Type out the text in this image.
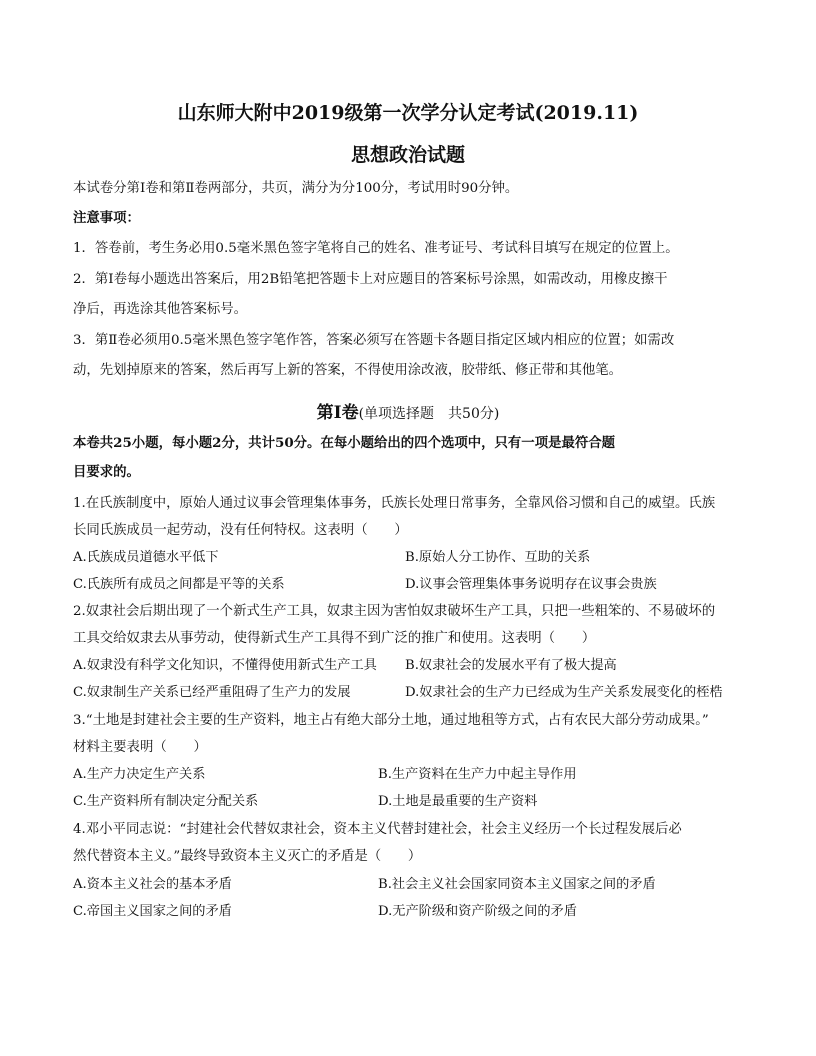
山东师大附中2019级第一次学分认定考试(2019.11)
思想政治试题
本试卷分第Ⅰ卷和第Ⅱ卷两部分，共页，满分为分100分，考试用时90分钟。
注意事项：
1．答卷前，考生务必用0.5毫米黑色签字笔将自己的姓名、准考证号、考试科目填写在规定的位置上。
2．第Ⅰ卷每小题选出答案后，用2B铅笔把答题卡上对应题目的答案标号涂黑，如需改动，用橡皮擦干
净后，再选涂其他答案标号。
3．第Ⅱ卷必须用0.5毫米黑色签字笔作答，答案必须写在答题卡各题目指定区域内相应的位置；如需改
动，先划掉原来的答案，然后再写上新的答案，不得使用涂改液，胶带纸、修正带和其他笔。
第Ⅰ卷(单项选择题　共50分)
本卷共25小题，每小题2分，共计50分。在每小题给出的四个选项中，只有一项是最符合题
目要求的。
1.在氏族制度中，原始人通过议事会管理集体事务，氏族长处理日常事务，全靠风俗习惯和自己的威望。氏族
长同氏族成员一起劳动，没有任何特权。这表明（　　）
A.氏族成员道德水平低下	B.原始人分工协作、互助的关系
C.氏族所有成员之间都是平等的关系	D.议事会管理集体事务说明存在议事会贵族
2.奴隶社会后期出现了一个新式生产工具，奴隶主因为害怕奴隶破坏生产工具，只把一些粗笨的、不易破坏的
工具交给奴隶去从事劳动，使得新式生产工具得不到广泛的推广和使用。这表明（　　）
A.奴隶没有科学文化知识，不懂得使用新式生产工具 B.奴隶社会的发展水平有了极大提高
C.奴隶制生产关系已经严重阻碍了生产力的发展	D.奴隶社会的生产力已经成为生产关系发展变化的桎梏
3.“土地是封建社会主要的生产资料，地主占有绝大部分土地，通过地租等方式，占有农民大部分劳动成果。”
材料主要表明（　　）
A.生产力决定生产关系	B.生产资料在生产力中起主导作用
C.生产资料所有制决定分配关系	D.土地是最重要的生产资料
4.邓小平同志说：“封建社会代替奴隶社会，资本主义代替封建社会，社会主义经历一个长过程发展后必
然代替资本主义。”最终导致资本主义灭亡的矛盾是（　　）
A.资本主义社会的基本矛盾	B.社会主义社会国家同资本主义国家之间的矛盾
C.帝国主义国家之间的矛盾	D.无产阶级和资产阶级之间的矛盾
